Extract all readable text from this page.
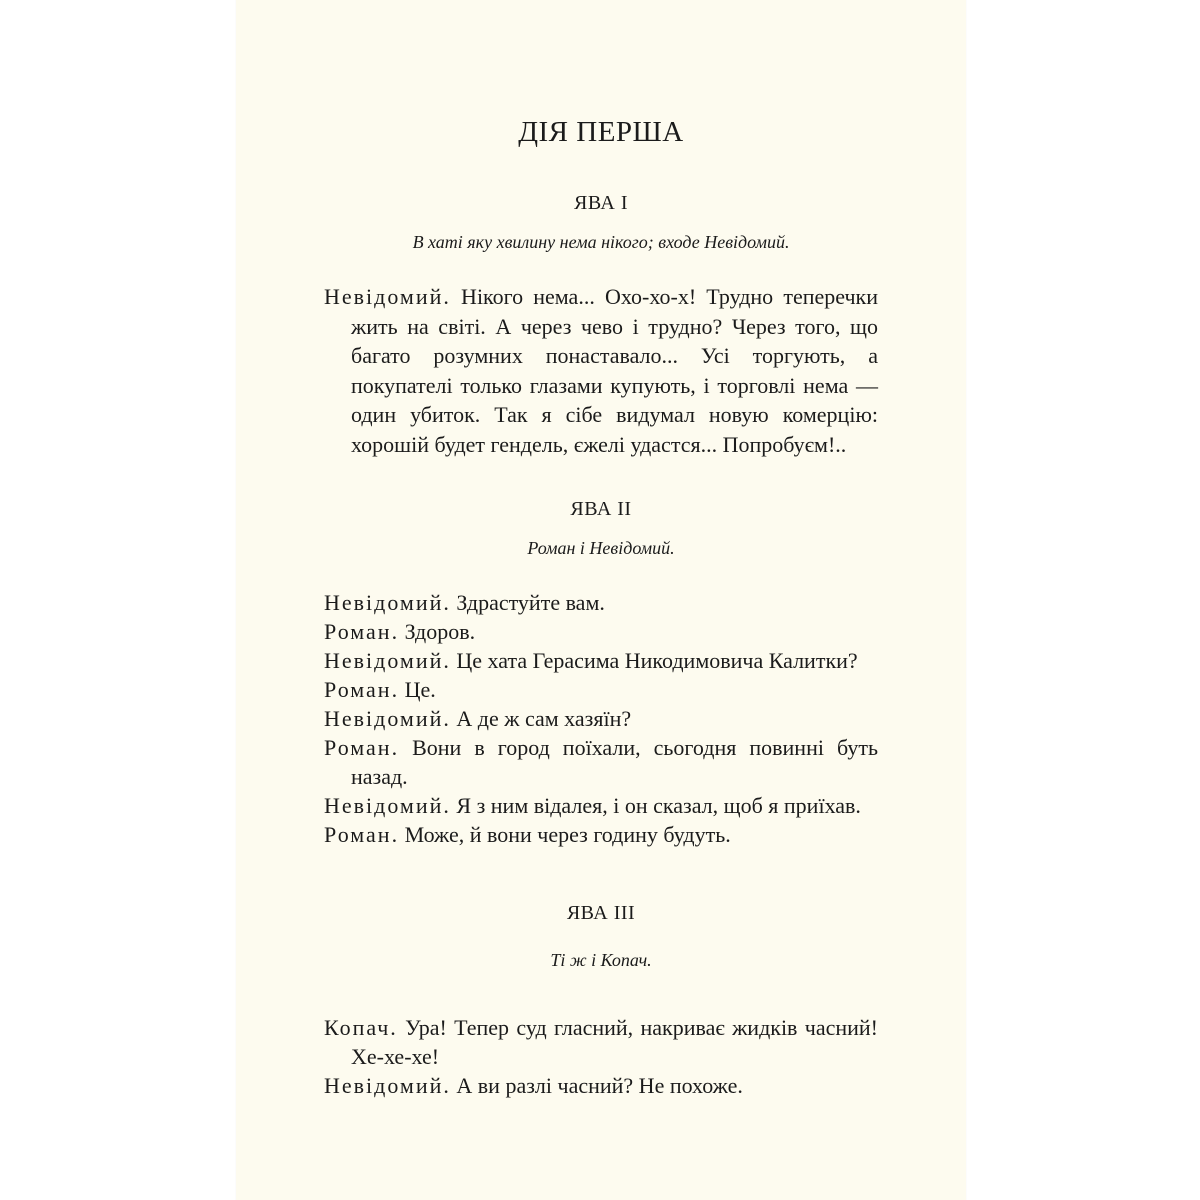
ДІЯ ПЕРША
ЯВА І
В хаті яку хвилину нема нікого; входе Невідомий.
Невідомий. Нікого нема... Охо-хо-х! Трудно теперечки жить на світі. А через чево і трудно? Через того, що багато розумних понаставало... Усі торгують, а покупателі только глазами купують, і торговлі нема — один убиток. Так я сібе видумал новую комерцію: хорошій будет гендель, єжелі удастся... Попробуєм!..
ЯВА ІІ
Роман і Невідомий.
Невідомий. Здрастуйте вам.
Роман. Здоров.
Невідомий. Це хата Герасима Никодимовича Калитки?
Роман. Це.
Невідомий. А де ж сам хазяїн?
Роман. Вони в город поїхали, сьогодня повинні буть назад.
Невідомий. Я з ним відалея, і он сказал, щоб я приїхав.
Роман. Може, й вони через годину будуть.
ЯВА ІІІ
Ті ж і Копач.
Копач. Ура! Тепер суд гласний, накриває жидків часний! Хе-хе-хе!
Невідомий. А ви разлі часний? Не похоже.
